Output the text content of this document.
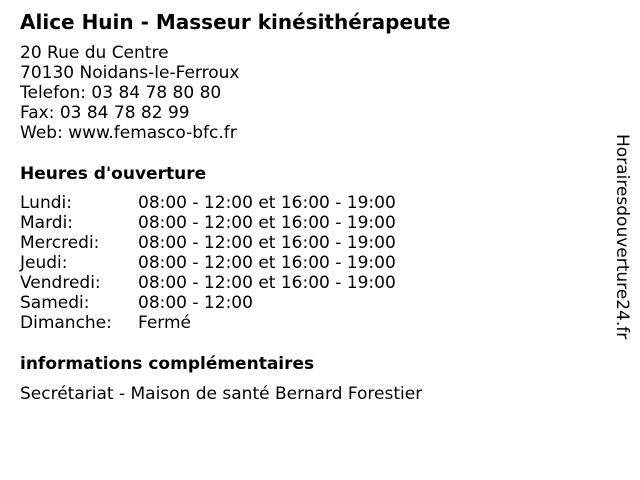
Alice Huin - Masseur kinésithérapeute
20 Rue du Centre
70130 Noidans-le-Ferroux
Telefon: 03 84 78 80 80
Fax: 03 84 78 82 99
Web: www.femasco-bfc.fr
Heures d'ouverture
Lundi:	08:00 - 12:00 et 16:00 - 19:00
Mardi:	08:00 - 12:00 et 16:00 - 19:00
Mercredi:	08:00 - 12:00 et 16:00 - 19:00
Jeudi:	08:00 - 12:00 et 16:00 - 19:00
Vendredi:	08:00 - 12:00 et 16:00 - 19:00
Samedi:	08:00 - 12:00
Dimanche:	Fermé
informations complémentaires
Secrétariat - Maison de santé Bernard Forestier
Horairesdouverture24.fr
